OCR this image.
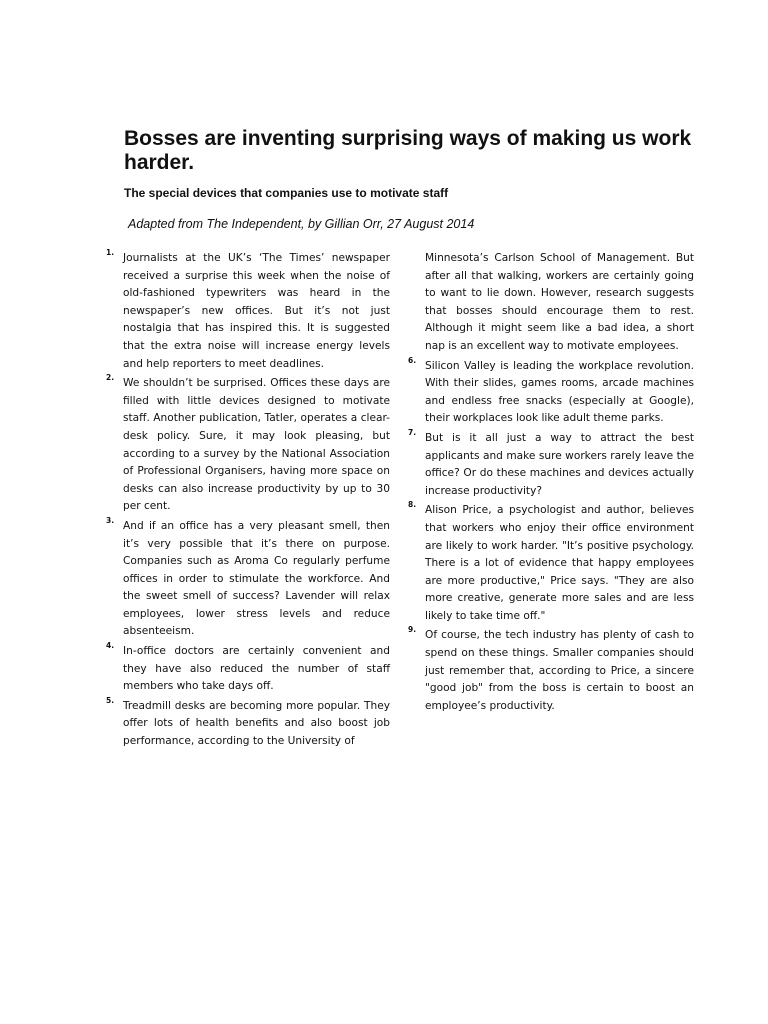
Bosses are inventing surprising ways of making us work harder.

The special devices that companies use to motivate staff

Adapted from The Independent, by Gillian Orr, 27 August 2014

1. Journalists at the UK’s ‘The Times’ newspaper received a surprise this week when the noise of old-fashioned typewriters was heard in the newspaper’s new offices. But it’s not just nostalgia that has inspired this. It is suggested that the extra noise will increase energy levels and help reporters to meet deadlines.

2. We shouldn’t be surprised. Offices these days are filled with little devices designed to motivate staff. Another publication, Tatler, operates a clear-desk policy. Sure, it may look pleasing, but according to a survey by the National Association of Professional Organisers, having more space on desks can also increase productivity by up to 30 per cent.

3. And if an office has a very pleasant smell, then it’s very possible that it’s there on purpose. Companies such as Aroma Co regularly perfume offices in order to stimulate the workforce. And the sweet smell of success? Lavender will relax employees, lower stress levels and reduce absenteeism.

4. In-office doctors are certainly convenient and they have also reduced the number of staff members who take days off.

5. Treadmill desks are becoming more popular. They offer lots of health benefits and also boost job performance, according to the University of

Minnesota’s Carlson School of Management. But after all that walking, workers are certainly going to want to lie down. However, research suggests that bosses should encourage them to rest. Although it might seem like a bad idea, a short nap is an excellent way to motivate employees.

6. Silicon Valley is leading the workplace revolution. With their slides, games rooms, arcade machines and endless free snacks (especially at Google), their workplaces look like adult theme parks.

7. But is it all just a way to attract the best applicants and make sure workers rarely leave the office? Or do these machines and devices actually increase productivity?

8. Alison Price, a psychologist and author, believes that workers who enjoy their office environment are likely to work harder. "It’s positive psychology. There is a lot of evidence that happy employees are more productive," Price says. "They are also more creative, generate more sales and are less likely to take time off."

9. Of course, the tech industry has plenty of cash to spend on these things. Smaller companies should just remember that, according to Price, a sincere "good job" from the boss is certain to boost an employee’s productivity.
